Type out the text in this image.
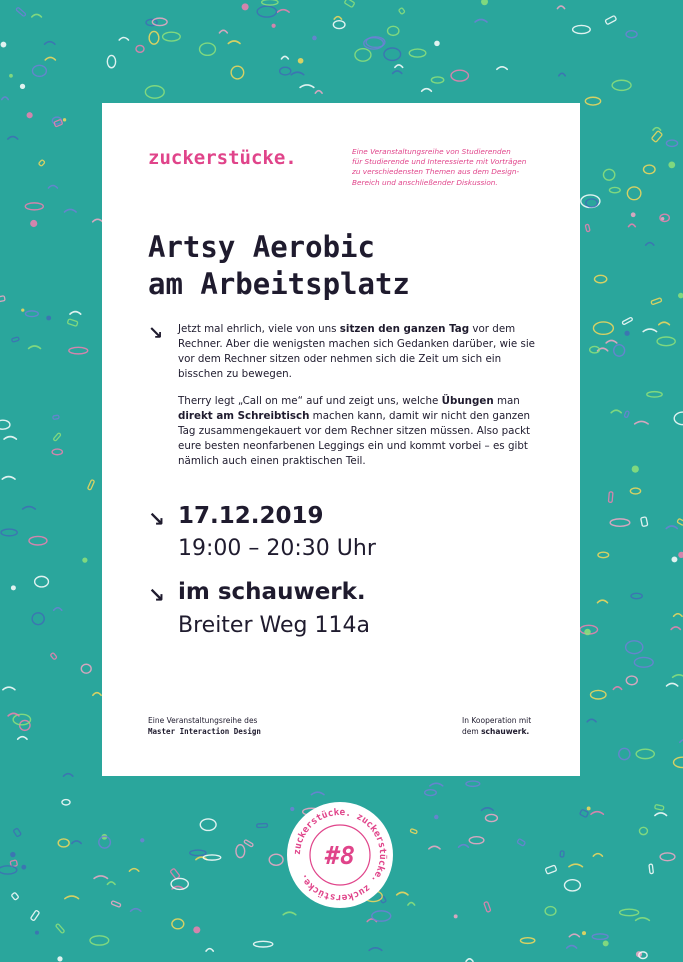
zuckerstücke.	Eine Veranstaltungsreihe von Studierenden
für Studierende und Interessierte mit Vorträgen
zu verschiedensten Themen aus dem Design-
Bereich und anschließender Diskussion.
Artsy Aerobic
am Arbeitsplatz
↘ Jetzt mal ehrlich, viele von uns sitzen den ganzen Tag vor dem Rechner. Aber die wenigsten machen sich Gedanken darüber, wie sie vor dem Rechner sitzen oder nehmen sich die Zeit um sich ein bisschen zu bewegen.

Therry legt „Call on me“ auf und zeigt uns, welche Übungen man direkt am Schreibtisch machen kann, damit wir nicht den ganzen Tag zusammengekauert vor dem Rechner sitzen müssen. Also packt eure besten neonfarbenen Leggings ein und kommt vorbei – es gibt nämlich auch einen praktischen Teil.

↘ 17.12.2019
19:00 – 20:30 Uhr
↘ im schauwerk.
Breiter Weg 114a
Eine Veranstaltungsreihe des
Master Interaction Design
In Kooperation mit
dem schauwerk.
zuckerstücke. zuckerstücke. zuckerstücke.
#8
